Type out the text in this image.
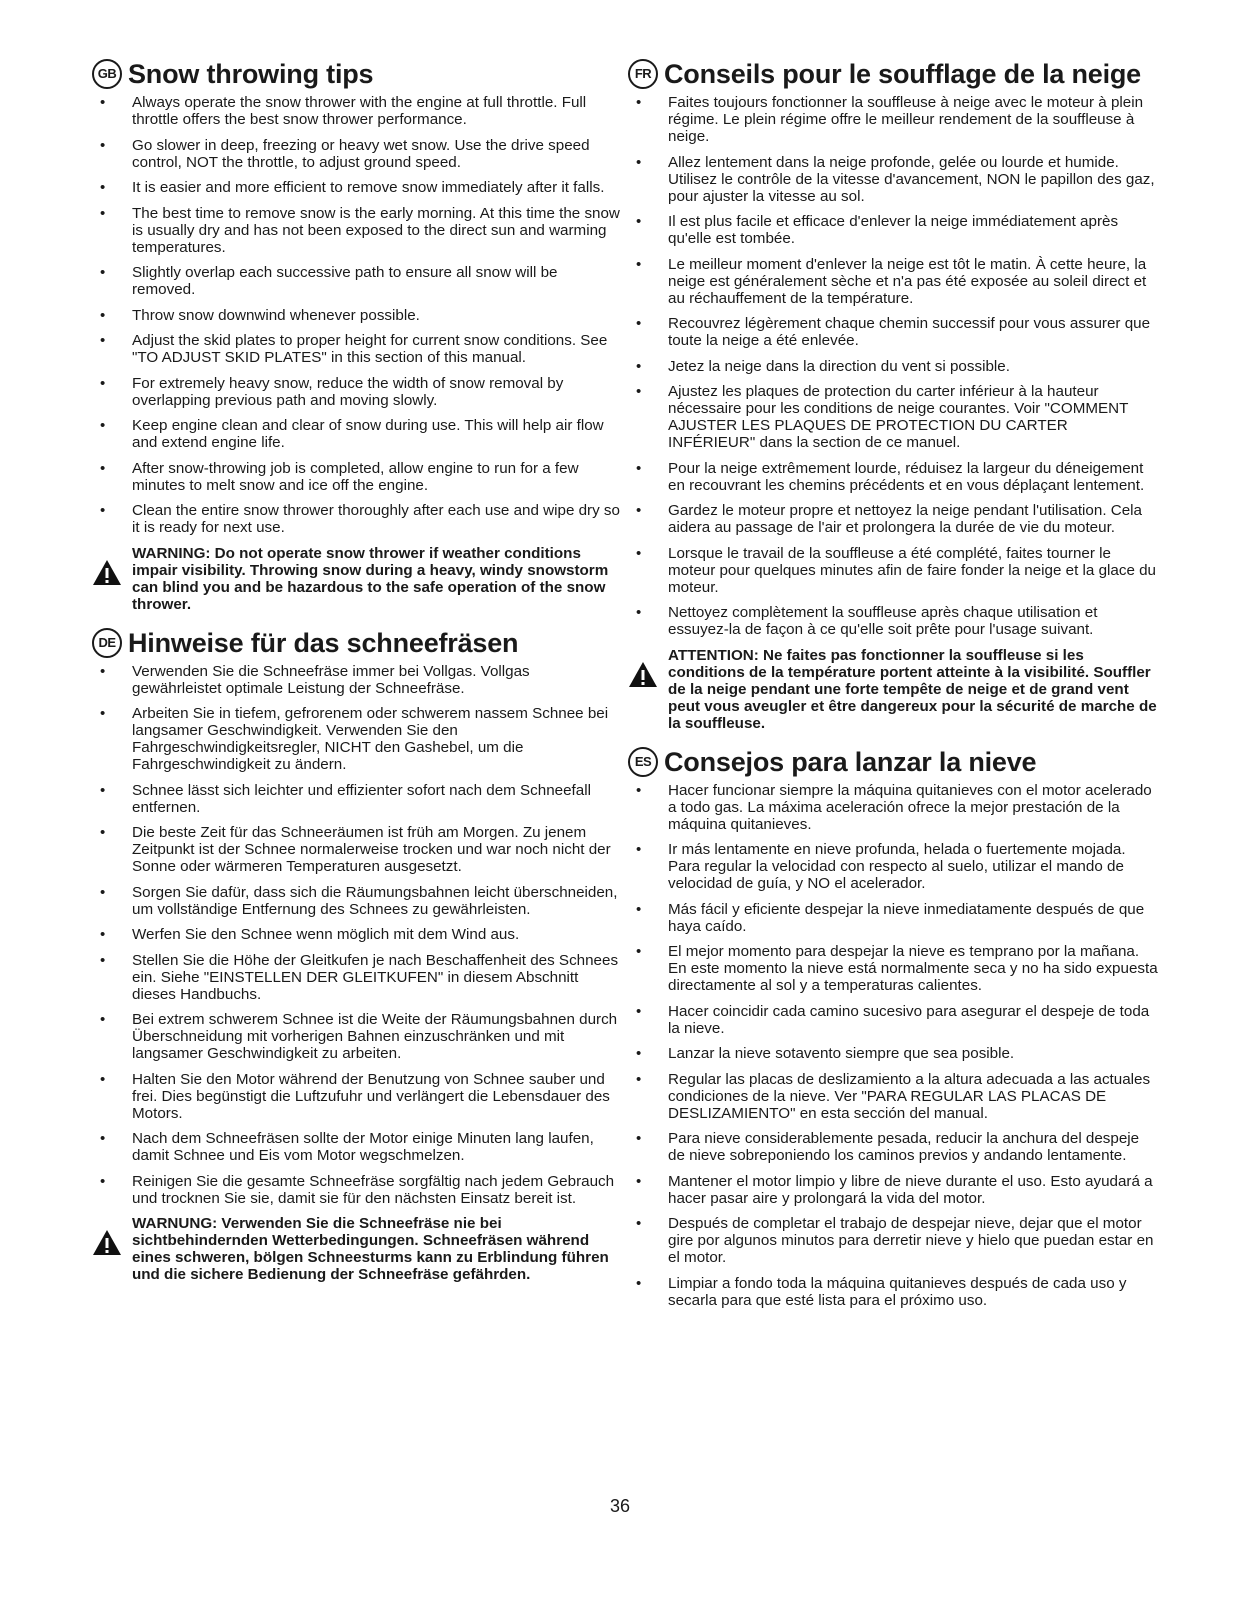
GB Snow throwing tips
• Always operate the snow thrower with the engine at full throttle. Full throttle offers the best snow thrower performance.
• Go slower in deep, freezing or heavy wet snow. Use the drive speed control, NOT the throttle, to adjust ground speed.
• It is easier and more efficient to remove snow immediately after it falls.
• The best time to remove snow is the early morning. At this time the snow is usually dry and has not been exposed to the direct sun and warming temperatures.
• Slightly overlap each successive path to ensure all snow will be removed.
• Throw snow downwind whenever possible.
• Adjust the skid plates to proper height for current snow conditions. See "TO ADJUST SKID PLATES" in this section of this manual.
• For extremely heavy snow, reduce the width of snow removal by overlapping previous path and moving slowly.
• Keep engine clean and clear of snow during use. This will help air flow and extend engine life.
• After snow-throwing job is completed, allow engine to run for a few minutes to melt snow and ice off the engine.
• Clean the entire snow thrower thoroughly after each use and wipe dry so it is ready for next use.
WARNING: Do not operate snow thrower if weather conditions impair visibility. Throwing snow during a heavy, windy snowstorm can blind you and be hazardous to the safe operation of the snow thrower.
DE Hinweise für das schneefräsen
• Verwenden Sie die Schneefräse immer bei Vollgas. Vollgas gewährleistet optimale Leistung der Schneefräse.
• Arbeiten Sie in tiefem, gefrorenem oder schwerem nassem Schnee bei langsamer Geschwindigkeit. Verwenden Sie den Fahrgeschwindigkeitsregler, NICHT den Gashebel, um die Fahrgeschwindigkeit zu ändern.
• Schnee lässt sich leichter und effizienter sofort nach dem Schneefall entfernen.
• Die beste Zeit für das Schneeräumen ist früh am Morgen. Zu jenem Zeitpunkt ist der Schnee normalerweise trocken und war noch nicht der Sonne oder wärmeren Temperaturen ausgesetzt.
• Sorgen Sie dafür, dass sich die Räumungsbahnen leicht überschneiden, um vollständige Entfernung des Schnees zu gewährleisten.
• Werfen Sie den Schnee wenn möglich mit dem Wind aus.
• Stellen Sie die Höhe der Gleitkufen je nach Beschaffenheit des Schnees ein. Siehe "EINSTELLEN DER GLEITKUFEN" in diesem Abschnitt dieses Handbuchs.
• Bei extrem schwerem Schnee ist die Weite der Räumungsbahnen durch Überschneidung mit vorherigen Bahnen einzuschränken und mit langsamer Geschwindigkeit zu arbeiten.
• Halten Sie den Motor während der Benutzung von Schnee sauber und frei. Dies begünstigt die Luftzufuhr und verlängert die Lebensdauer des Motors.
• Nach dem Schneefräsen sollte der Motor einige Minuten lang laufen, damit Schnee und Eis vom Motor wegschmelzen.
• Reinigen Sie die gesamte Schneefräse sorgfältig nach jedem Gebrauch und trocknen Sie sie, damit sie für den nächsten Einsatz bereit ist.
WARNUNG: Verwenden Sie die Schneefräse nie bei sichtbehindernden Wetterbedingungen. Schneefräsen während eines schweren, bölgen Schneesturms kann zu Erblindung führen und die sichere Bedienung der Schneefräse gefährden.
FR Conseils pour le soufflage de la neige
• Faites toujours fonctionner la souffleuse à neige avec le moteur à plein régime. Le plein régime offre le meilleur rendement de la souffleuse à neige.
• Allez lentement dans la neige profonde, gelée ou lourde et humide. Utilisez le contrôle de la vitesse d'avancement, NON le papillon des gaz, pour ajuster la vitesse au sol.
• Il est plus facile et efficace d'enlever la neige immédiatement après qu'elle est tombée.
• Le meilleur moment d'enlever la neige est tôt le matin. À cette heure, la neige est généralement sèche et n'a pas été exposée au soleil direct et au réchauffement de la température.
• Recouvrez légèrement chaque chemin successif pour vous assurer que toute la neige a été enlevée.
• Jetez la neige dans la direction du vent si possible.
• Ajustez les plaques de protection du carter inférieur à la hauteur nécessaire pour les conditions de neige courantes. Voir "COMMENT AJUSTER LES PLAQUES DE PROTECTION DU CARTER INFÉRIEUR" dans la section de ce manuel.
• Pour la neige extrêmement lourde, réduisez la largeur du déneigement en recouvrant les chemins précédents et en vous déplaçant lentement.
• Gardez le moteur propre et nettoyez la neige pendant l'utilisation. Cela aidera au passage de l'air et prolongera la durée de vie du moteur.
• Lorsque le travail de la souffleuse a été complété, faites tourner le moteur pour quelques minutes afin de faire fonder la neige et la glace du moteur.
• Nettoyez complètement la souffleuse après chaque utilisation et essuyez-la de façon à ce qu'elle soit prête pour l'usage suivant.
ATTENTION: Ne faites pas fonctionner la souffleuse si les conditions de la température portent atteinte à la visibilité. Souffler de la neige pendant une forte tempête de neige et de grand vent peut vous aveugler et être dangereux pour la sécurité de marche de la souffleuse.
ES Consejos para lanzar la nieve
• Hacer funcionar siempre la máquina quitanieves con el motor acelerado a todo gas. La máxima aceleración ofrece la mejor prestación de la máquina quitanieves.
• Ir más lentamente en nieve profunda, helada o fuertemente mojada. Para regular la velocidad con respecto al suelo, utilizar el mando de velocidad de guía, y NO el acelerador.
• Más fácil y eficiente despejar la nieve inmediatamente después de que haya caído.
• El mejor momento para despejar la nieve es temprano por la mañana. En este momento la nieve está normalmente seca y no ha sido expuesta directamente al sol y a temperaturas calientes.
• Hacer coincidir cada camino sucesivo para asegurar el despeje de toda la nieve.
• Lanzar la nieve sotavento siempre que sea posible.
• Regular las placas de deslizamiento a la altura adecuada a las actuales condiciones de la nieve. Ver "PARA REGULAR LAS PLACAS DE DESLIZAMIENTO" en esta sección del manual.
• Para nieve considerablemente pesada, reducir la anchura del despeje de nieve sobreponiendo los caminos previos y andando lentamente.
• Mantener el motor limpio y libre de nieve durante el uso. Esto ayudará a hacer pasar aire y prolongará la vida del motor.
• Después de completar el trabajo de despejar nieve, dejar que el motor gire por algunos minutos para derretir nieve y hielo que puedan estar en el motor.
• Limpiar a fondo toda la máquina quitanieves después de cada uso y secarla para que esté lista para el próximo uso.
36
